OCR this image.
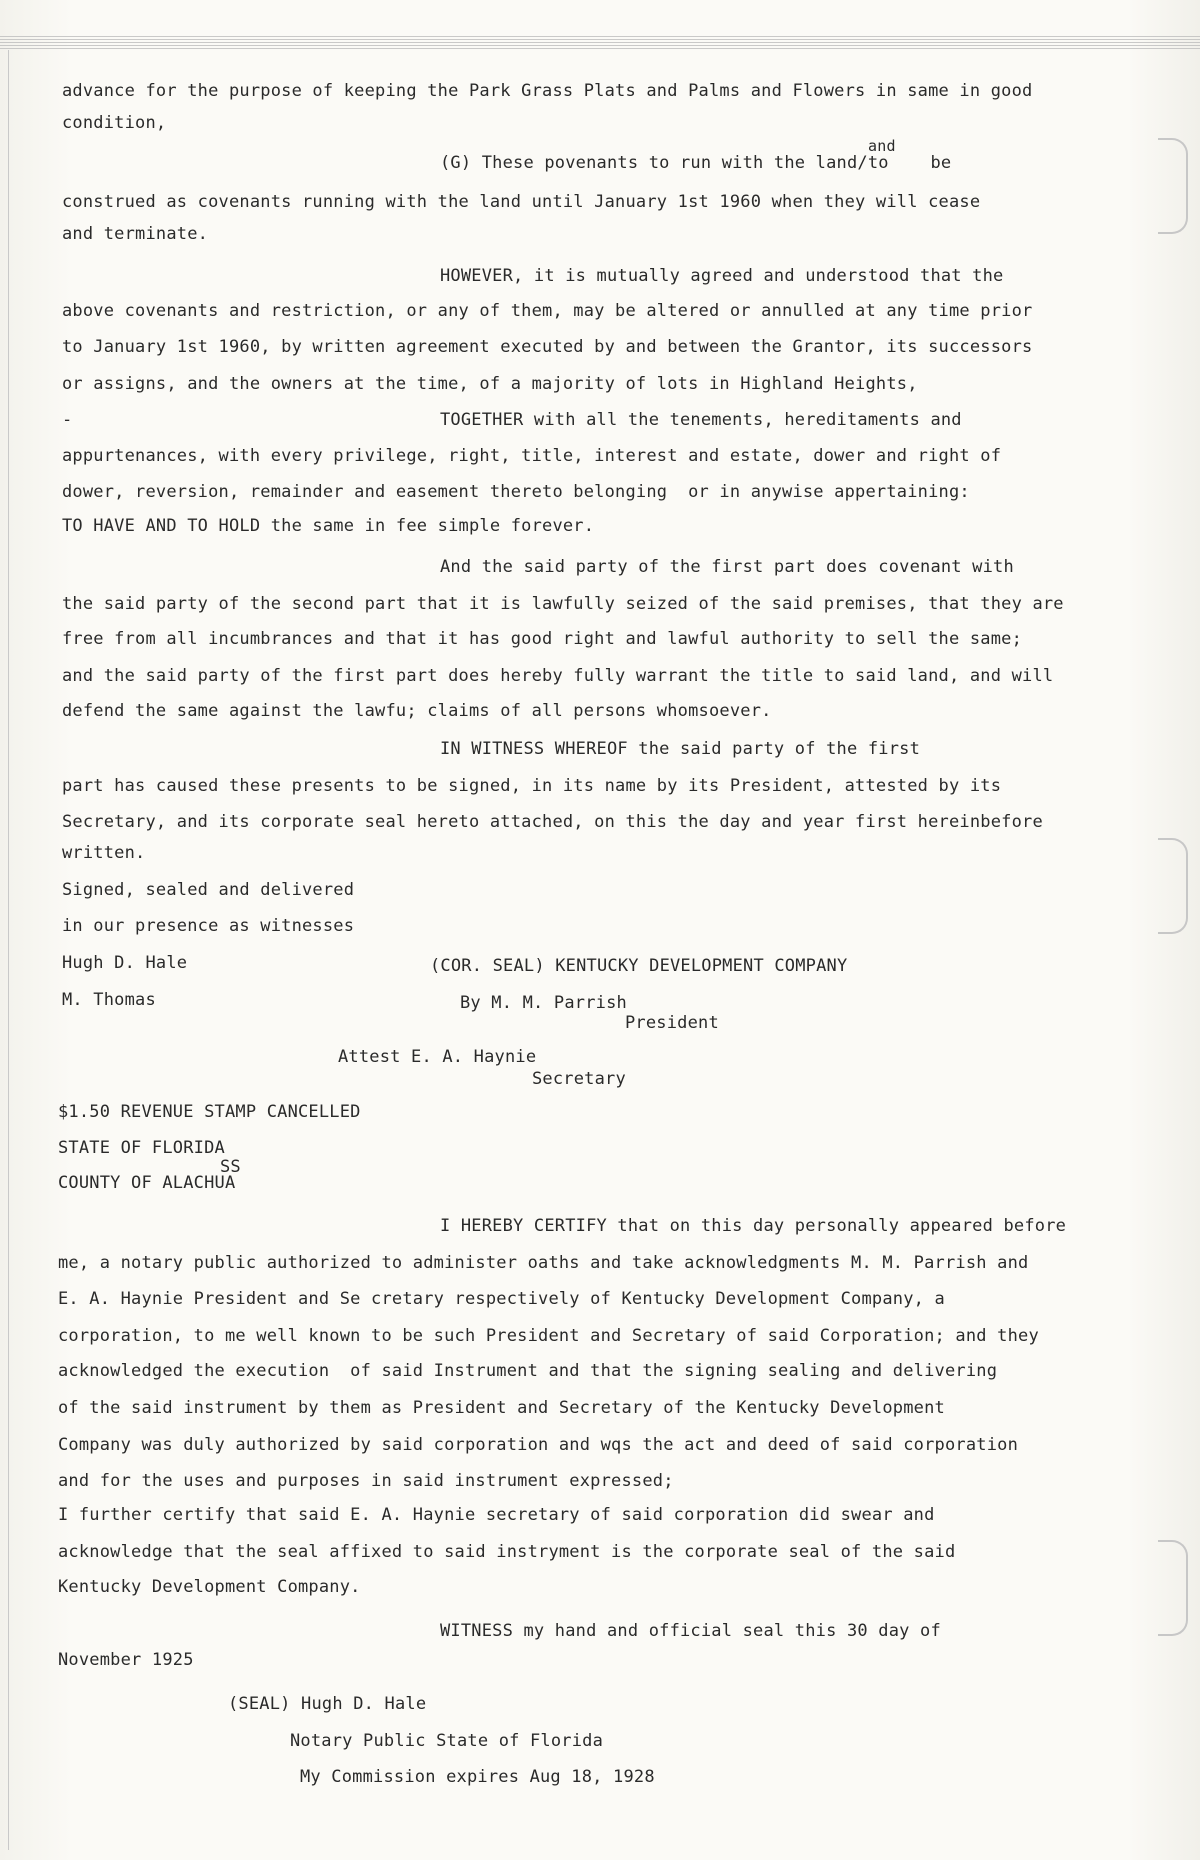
advance for the purpose of keeping the Park Grass Plats and Palms and Flowers in same in good
condition,
and
(G) These povenants to run with the land/to    be
construed as covenants running with the land until January 1st 1960 when they will cease
and terminate.
HOWEVER, it is mutually agreed and understood that the
above covenants and restriction, or any of them, may be altered or annulled at any time prior
to January 1st 1960, by written agreement executed by and between the Grantor, its successors
or assigns, and the owners at the time, of a majority of lots in Highland Heights,
-	TOGETHER with all the tenements, hereditaments and
appurtenances, with every privilege, right, title, interest and estate, dower and right of
dower, reversion, remainder and easement thereto belonging  or in anywise appertaining:
TO HAVE AND TO HOLD the same in fee simple forever.
And the said party of the first part does covenant with
the said party of the second part that it is lawfully seized of the said premises, that they are
free from all incumbrances and that it has good right and lawful authority to sell the same;
and the said party of the first part does hereby fully warrant the title to said land, and will
defend the same against the lawfu; claims of all persons whomsoever.
IN WITNESS WHEREOF the said party of the first
part has caused these presents to be signed, in its name by its President, attested by its
Secretary, and its corporate seal hereto attached, on this the day and year first hereinbefore
written.
Signed, sealed and delivered
in our presence as witnesses
Hugh D. Hale	(COR. SEAL) KENTUCKY DEVELOPMENT COMPANY
M. Thomas	By M. M. Parrish
President
Attest E. A. Haynie
Secretary
$1.50 REVENUE STAMP CANCELLED
STATE OF FLORIDA
SS
COUNTY OF ALACHUA
I HEREBY CERTIFY that on this day personally appeared before
me, a notary public authorized to administer oaths and take acknowledgments M. M. Parrish and
E. A. Haynie President and Se cretary respectively of Kentucky Development Company, a
corporation, to me well known to be such President and Secretary of said Corporation; and they
acknowledged the execution  of said Instrument and that the signing sealing and delivering
of the said instrument by them as President and Secretary of the Kentucky Development
Company was duly authorized by said corporation and wqs the act and deed of said corporation
and for the uses and purposes in said instrument expressed;
I further certify that said E. A. Haynie secretary of said corporation did swear and
acknowledge that the seal affixed to said instryment is the corporate seal of the said
Kentucky Development Company.
WITNESS my hand and official seal this 30 day of
November 1925
(SEAL) Hugh D. Hale
Notary Public State of Florida
My Commission expires Aug 18, 1928
